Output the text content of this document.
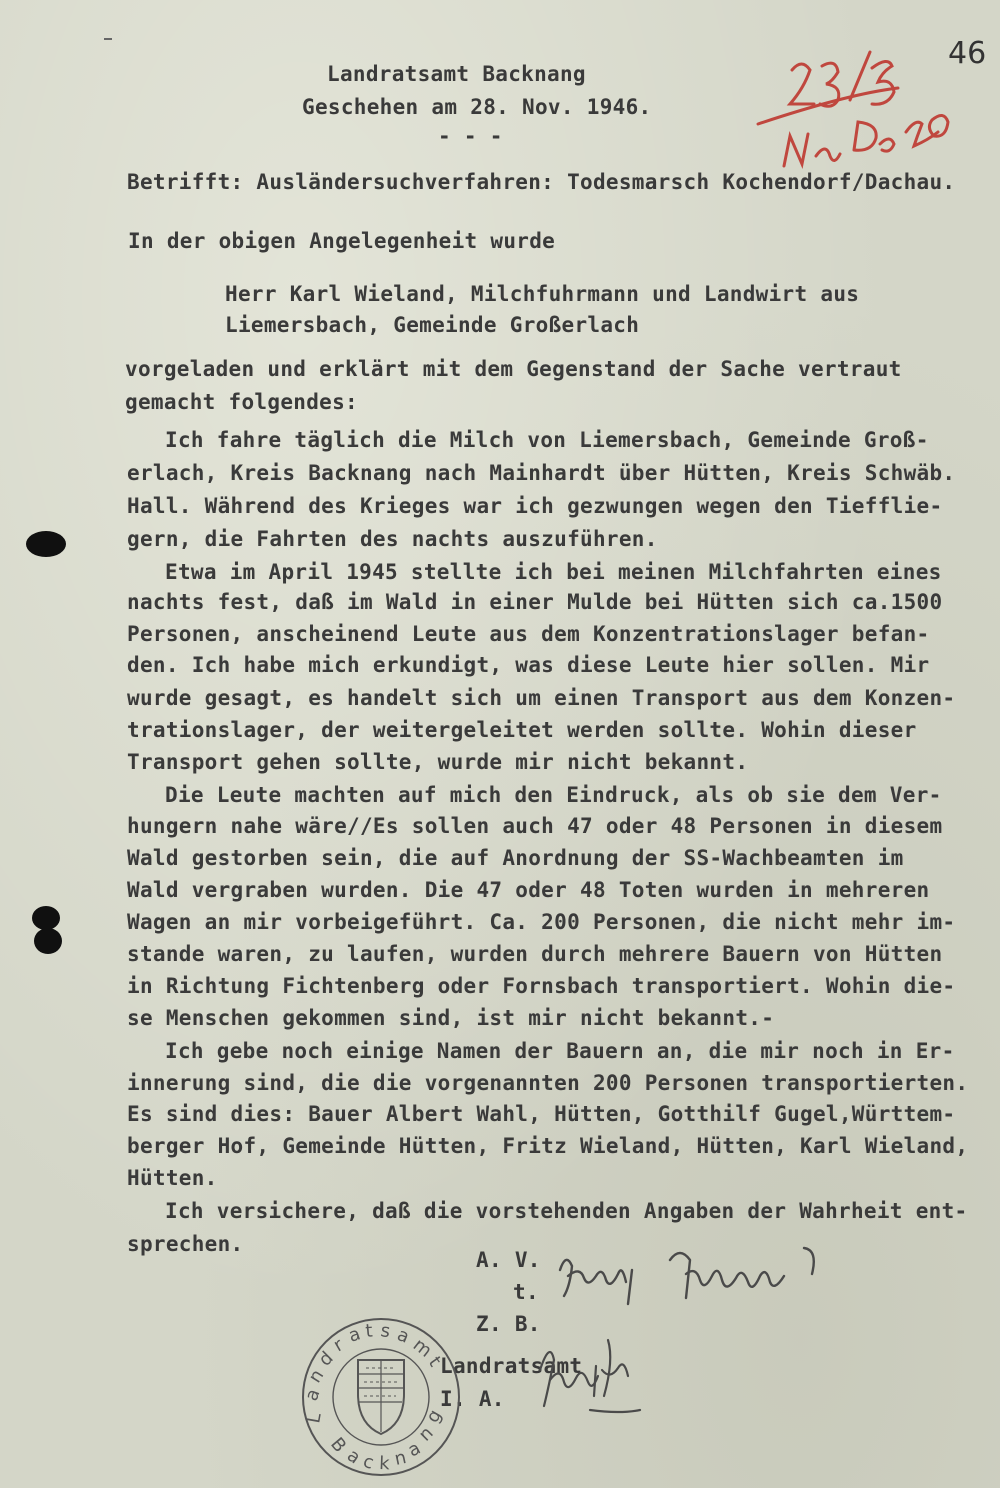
46
Landratsamt Backnang
Geschehen am 28. Nov. 1946.
- - -
Betrifft: Ausländersuchverfahren: Todesmarsch Kochendorf/Dachau.
In der obigen Angelegenheit wurde
Herr Karl Wieland, Milchfuhrmann und Landwirt aus
Liemersbach, Gemeinde Großerlach
vorgeladen und erklärt mit dem Gegenstand der Sache vertraut
gemacht folgendes:
Ich fahre täglich die Milch von Liemersbach, Gemeinde Groß-
erlach, Kreis Backnang nach Mainhardt über Hütten, Kreis Schwäb.
Hall. Während des Krieges war ich gezwungen wegen den Tiefflie-
gern, die Fahrten des nachts auszuführen.
Etwa im April 1945 stellte ich bei meinen Milchfahrten eines
nachts fest, daß im Wald in einer Mulde bei Hütten sich ca.1500
Personen, anscheinend Leute aus dem Konzentrationslager befan-
den. Ich habe mich erkundigt, was diese Leute hier sollen. Mir
wurde gesagt, es handelt sich um einen Transport aus dem Konzen-
trationslager, der weitergeleitet werden sollte. Wohin dieser
Transport gehen sollte, wurde mir nicht bekannt.
Die Leute machten auf mich den Eindruck, als ob sie dem Ver-
hungern nahe wäre//Es sollen auch 47 oder 48 Personen in diesem
Wald gestorben sein, die auf Anordnung der SS-Wachbeamten im
Wald vergraben wurden. Die 47 oder 48 Toten wurden in mehreren
Wagen an mir vorbeigeführt. Ca. 200 Personen, die nicht mehr im-
stande waren, zu laufen, wurden durch mehrere Bauern von Hütten
in Richtung Fichtenberg oder Fornsbach transportiert. Wohin die-
se Menschen gekommen sind, ist mir nicht bekannt.-
Ich gebe noch einige Namen der Bauern an, die mir noch in Er-
innerung sind, die die vorgenannten 200 Personen transportierten.
Es sind dies: Bauer Albert Wahl, Hütten, Gotthilf Gugel,Württem-
berger Hof, Gemeinde Hütten, Fritz Wieland, Hütten, Karl Wieland,
Hütten.
Ich versichere, daß die vorstehenden Angaben der Wahrheit ent-
sprechen.
A. V.
t.
Z. B.
Landratsamt
I. A.
L
a
n
d
r a t s a
m
t
g
n
a
n
k
c
a
B
